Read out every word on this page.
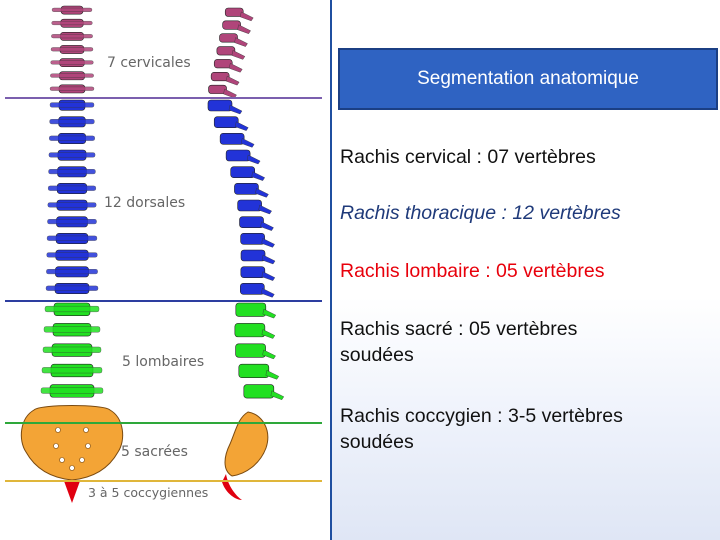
7 cervicales
12 dorsales
5 lombaires
5 sacrées
3 à 5 coccygiennes
Segmentation anatomique
Rachis cervical : 07 vertèbres
Rachis thoracique : 12 vertèbres
Rachis lombaire : 05 vertèbres
Rachis sacré : 05 vertèbres
soudées
Rachis coccygien : 3-5 vertèbres
soudées
